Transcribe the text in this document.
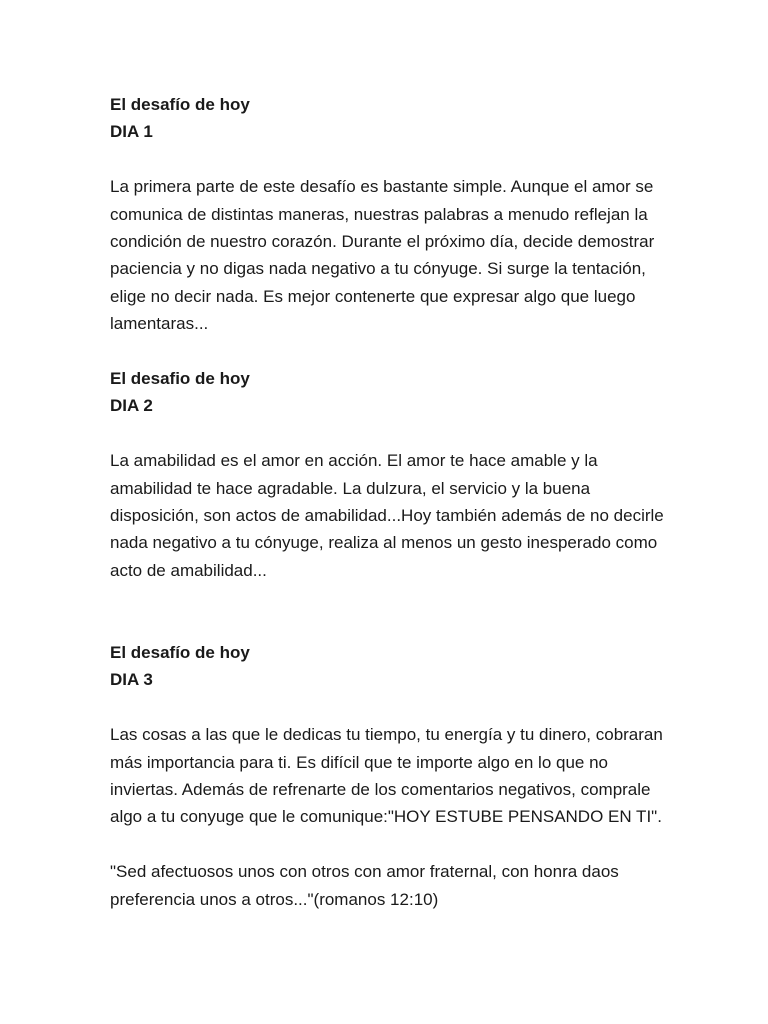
El desafío de hoy

DIA 1

La primera parte de este desafío es bastante simple. Aunque el amor se comunica de distintas maneras, nuestras palabras a menudo reflejan la condición de nuestro corazón. Durante el próximo día, decide demostrar paciencia y no digas nada negativo a tu cónyuge. Si surge la tentación, elige no decir nada. Es mejor contenerte que expresar algo que luego lamentaras...

El desafio de hoy

DIA 2

La amabilidad es el amor en acción. El amor te hace amable y la amabilidad te hace agradable. La dulzura, el servicio y la buena disposición, son actos de amabilidad...Hoy también además de no decirle nada negativo a tu cónyuge, realiza al menos un gesto inesperado como acto de amabilidad...

El desafío de hoy

DIA 3

Las cosas a las que le dedicas tu tiempo, tu energía y tu dinero, cobraran más importancia para ti. Es difícil que te importe algo en lo que no inviertas. Además de refrenarte de los comentarios negativos, comprale algo a tu conyuge que le comunique:"HOY ESTUBE PENSANDO EN TI".

"Sed afectuosos unos con otros con amor fraternal, con honra daos preferencia unos a otros..."(romanos 12:10)
